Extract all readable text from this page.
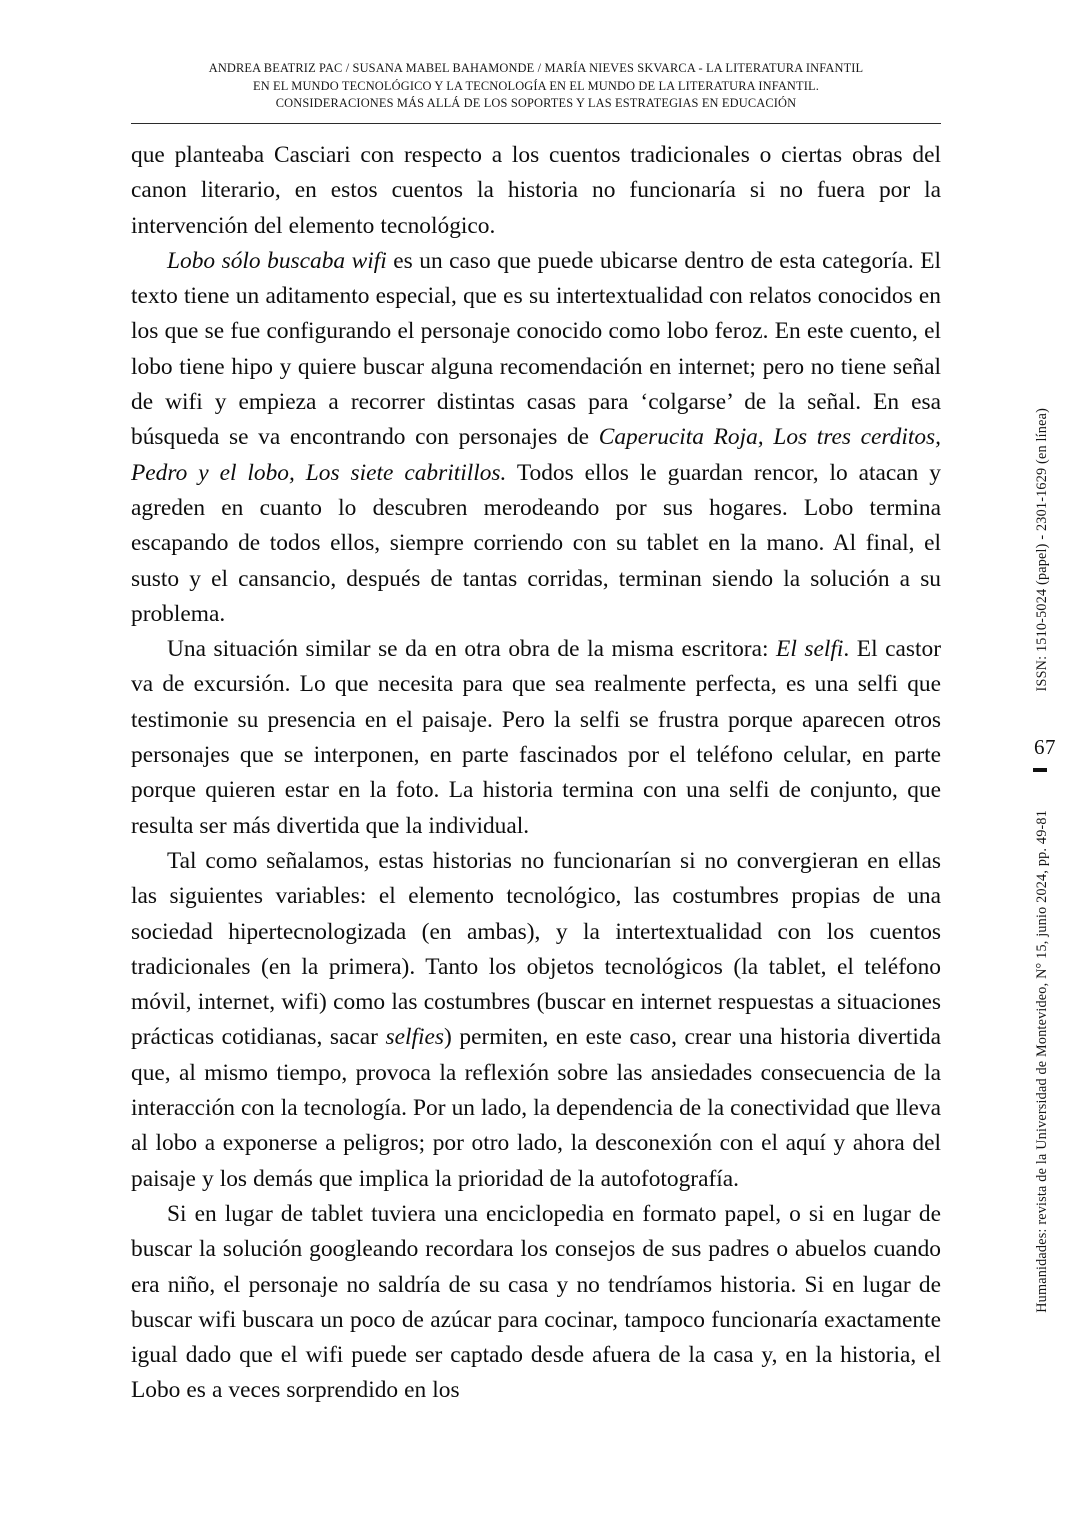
ANDREA BEATRIZ PAC / SUSANA MABEL BAHAMONDE / MARÍA NIEVES SKVARCA - LA LITERATURA INFANTIL
EN EL MUNDO TECNOLÓGICO Y LA TECNOLOGÍA EN EL MUNDO DE LA LITERATURA INFANTIL.
CONSIDERACIONES MÁS ALLÁ DE LOS SOPORTES Y LAS ESTRATEGIAS EN EDUCACIÓN

que planteaba Casciari con respecto a los cuentos tradicionales o ciertas obras del canon literario, en estos cuentos la historia no funcionaría si no fuera por la intervención del elemento tecnológico.

Lobo sólo buscaba wifi es un caso que puede ubicarse dentro de esta categoría. El texto tiene un aditamento especial, que es su intertextualidad con relatos conocidos en los que se fue configurando el personaje conocido como lobo feroz. En este cuento, el lobo tiene hipo y quiere buscar alguna recomendación en internet; pero no tiene señal de wifi y empieza a recorrer distintas casas para ‘colgarse’ de la señal. En esa búsqueda se va encontrando con personajes de Caperucita Roja, Los tres cerditos, Pedro y el lobo, Los siete cabritillos. Todos ellos le guardan rencor, lo atacan y agreden en cuanto lo descubren merodeando por sus hogares. Lobo termina escapando de todos ellos, siempre corriendo con su tablet en la mano. Al final, el susto y el cansancio, después de tantas corridas, terminan siendo la solución a su problema.

Una situación similar se da en otra obra de la misma escritora: El selfi. El castor va de excursión. Lo que necesita para que sea realmente perfecta, es una selfi que testimonie su presencia en el paisaje. Pero la selfi se frustra porque aparecen otros personajes que se interponen, en parte fascinados por el teléfono celular, en parte porque quieren estar en la foto. La historia termina con una selfi de conjunto, que resulta ser más divertida que la individual.

Tal como señalamos, estas historias no funcionarían si no convergieran en ellas las siguientes variables: el elemento tecnológico, las costumbres propias de una sociedad hipertecnologizada (en ambas), y la intertextualidad con los cuentos tradicionales (en la primera). Tanto los objetos tecnológicos (la tablet, el teléfono móvil, internet, wifi) como las costumbres (buscar en internet respuestas a situaciones prácticas cotidianas, sacar selfies) permiten, en este caso, crear una historia divertida que, al mismo tiempo, provoca la reflexión sobre las ansiedades consecuencia de la interacción con la tecnología. Por un lado, la dependencia de la conectividad que lleva al lobo a exponerse a peligros; por otro lado, la desconexión con el aquí y ahora del paisaje y los demás que implica la prioridad de la autofotografía.

Si en lugar de tablet tuviera una enciclopedia en formato papel, o si en lugar de buscar la solución googleando recordara los consejos de sus padres o abuelos cuando era niño, el personaje no saldría de su casa y no tendríamos historia. Si en lugar de buscar wifi buscara un poco de azúcar para cocinar, tampoco funcionaría exactamente igual dado que el wifi puede ser captado desde afuera de la casa y, en la historia, el Lobo es a veces sorprendido en los

ISSN: 1510-5024 (papel) - 2301-1629 (en línea)
67
Humanidades: revista de la Universidad de Montevideo, N° 15, junio 2024, pp. 49-81
